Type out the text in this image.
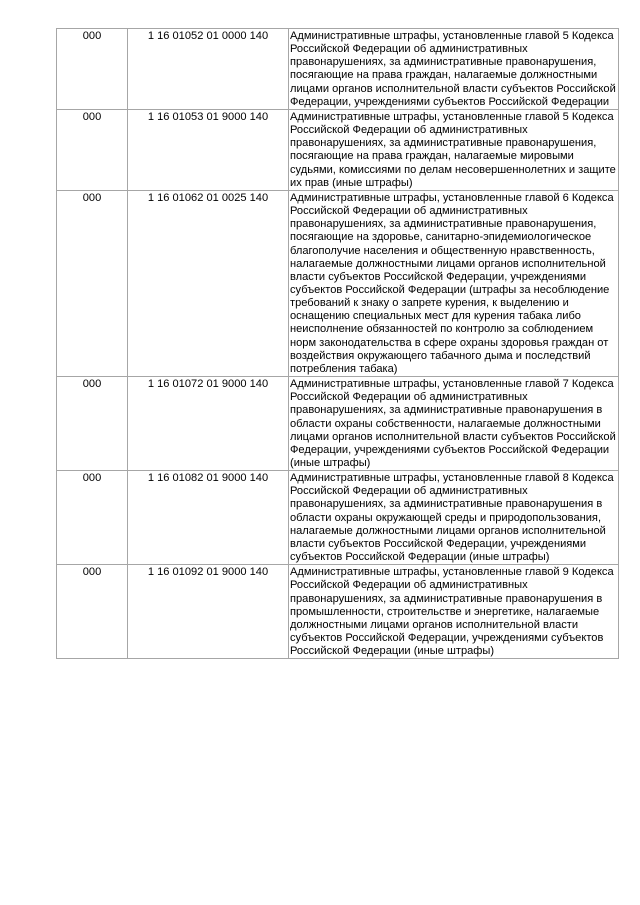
000	1 16 01052 01 0000 140	Административные штрафы, установленные главой 5 Кодекса Российской Федерации об административных правонарушениях, за административные правонарушения, посягающие на права граждан, налагаемые должностными лицами органов исполнительной власти субъектов Российской Федерации, учреждениями субъектов Российской Федерации
000	1 16 01053 01 9000 140	Административные штрафы, установленные главой 5 Кодекса Российской Федерации об административных правонарушениях, за административные правонарушения, посягающие на права граждан, налагаемые мировыми судьями, комиссиями по делам несовершеннолетних и защите их прав (иные штрафы)
000	1 16 01062 01 0025 140	Административные штрафы, установленные главой 6 Кодекса Российской Федерации об административных правонарушениях, за административные правонарушения, посягающие на здоровье, санитарно-эпидемиологическое благополучие населения и общественную нравственность, налагаемые должностными лицами органов исполнительной власти субъектов Российской Федерации, учреждениями субъектов Российской Федерации (штрафы за несоблюдение требований к знаку о запрете курения, к выделению и оснащению специальных мест для курения табака либо неисполнение обязанностей по контролю за соблюдением норм законодательства в сфере охраны здоровья граждан от воздействия окружающего табачного дыма и последствий потребления табака)
000	1 16 01072 01 9000 140	Административные штрафы, установленные главой 7 Кодекса Российской Федерации об административных правонарушениях, за административные правонарушения в области охраны собственности, налагаемые должностными лицами органов исполнительной власти субъектов Российской Федерации, учреждениями субъектов Российской Федерации (иные штрафы)
000	1 16 01082 01 9000 140	Административные штрафы, установленные главой 8 Кодекса Российской Федерации об административных правонарушениях, за административные правонарушения в области охраны окружающей среды и природопользования, налагаемые должностными лицами органов исполнительной власти субъектов Российской Федерации, учреждениями субъектов Российской Федерации (иные штрафы)
000	1 16 01092 01 9000 140	Административные штрафы, установленные главой 9 Кодекса Российской Федерации об административных правонарушениях, за административные правонарушения в промышленности, строительстве и энергетике, налагаемые должностными лицами органов исполнительной власти субъектов Российской Федерации, учреждениями субъектов Российской Федерации (иные штрафы)
